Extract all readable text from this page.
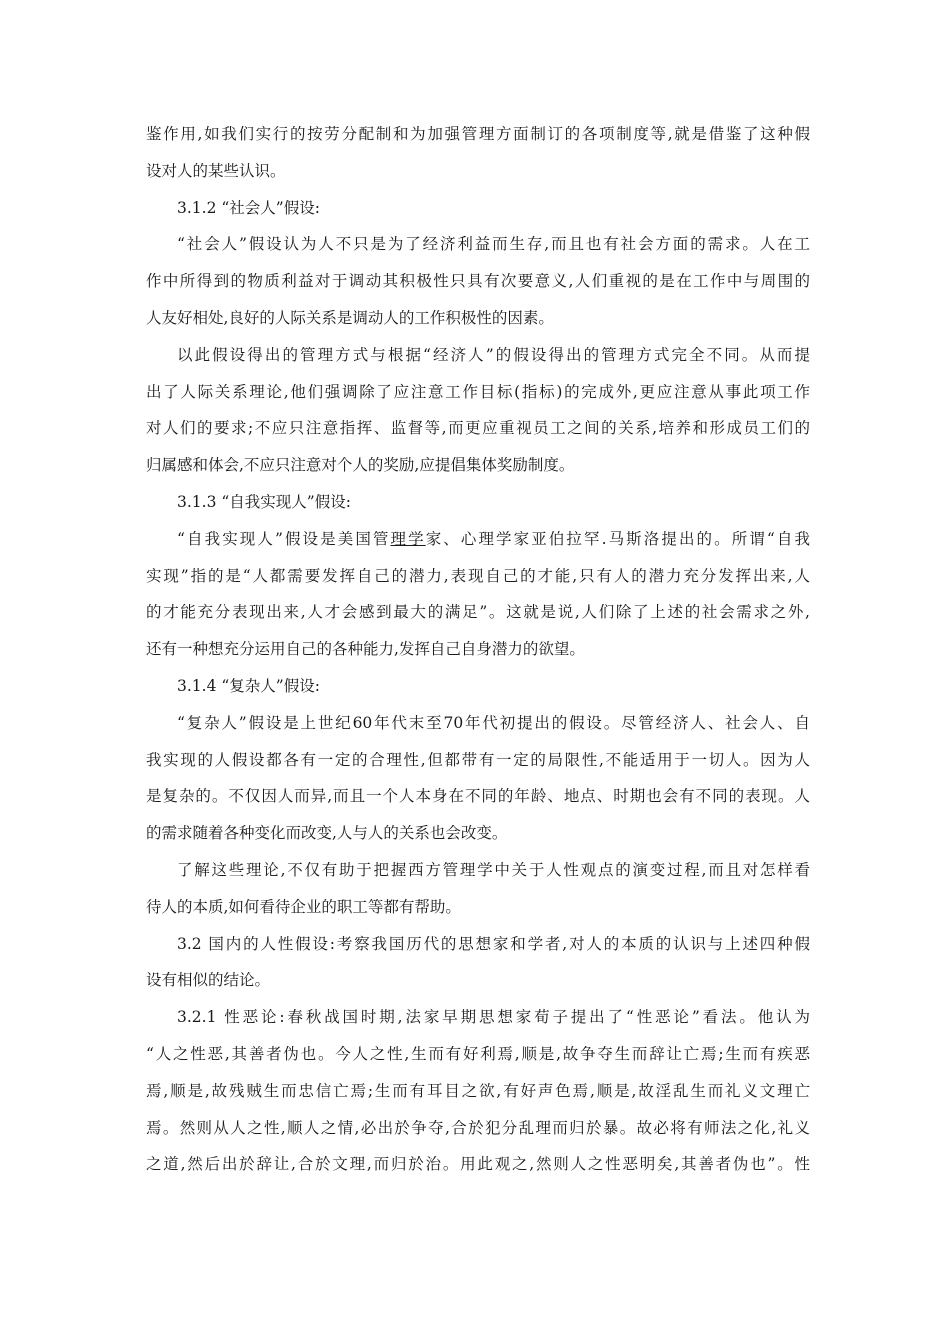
鉴作用,如我们实行的按劳分配制和为加强管理方面制订的各项制度等,就是借鉴了这种假
设对人的某些认识。
3.1.2 “社会人”假设:
“社会人”假设认为人不只是为了经济利益而生存,而且也有社会方面的需求。人在工
作中所得到的物质利益对于调动其积极性只具有次要意义,人们重视的是在工作中与周围的
人友好相处,良好的人际关系是调动人的工作积极性的因素。
以此假设得出的管理方式与根据“经济人”的假设得出的管理方式完全不同。从而提
出了人际关系理论,他们强调除了应注意工作目标(指标)的完成外,更应注意从事此项工作
对人们的要求;不应只注意指挥、监督等,而更应重视员工之间的关系,培养和形成员工们的
归属感和体会,不应只注意对个人的奖励,应提倡集体奖励制度。
3.1.3 “自我实现人”假设:
“自我实现人”假设是美国管理学家、心理学家亚伯拉罕.马斯洛提出的。所谓“自我
实现”指的是“人都需要发挥自己的潜力,表现自己的才能,只有人的潜力充分发挥出来,人
的才能充分表现出来,人才会感到最大的满足”。这就是说,人们除了上述的社会需求之外,
还有一种想充分运用自己的各种能力,发挥自己自身潜力的欲望。
3.1.4 “复杂人”假设:
“复杂人”假设是上世纪60年代末至70年代初提出的假设。尽管经济人、社会人、自
我实现的人假设都各有一定的合理性,但都带有一定的局限性,不能适用于一切人。因为人
是复杂的。不仅因人而异,而且一个人本身在不同的年龄、地点、时期也会有不同的表现。人
的需求随着各种变化而改变,人与人的关系也会改变。
了解这些理论,不仅有助于把握西方管理学中关于人性观点的演变过程,而且对怎样看
待人的本质,如何看待企业的职工等都有帮助。
3.2 国内的人性假设:考察我国历代的思想家和学者,对人的本质的认识与上述四种假
设有相似的结论。
3.2.1 性恶论:春秋战国时期,法家早期思想家荀子提出了“性恶论”看法。他认为
“人之性恶,其善者伪也。今人之性,生而有好利焉,顺是,故争夺生而辞让亡焉;生而有疾恶
焉,顺是,故残贼生而忠信亡焉;生而有耳目之欲,有好声色焉,顺是,故淫乱生而礼义文理亡
焉。然则从人之性,顺人之情,必出於争夺,合於犯分乱理而归於暴。故必将有师法之化,礼义
之道,然后出於辞让,合於文理,而归於治。用此观之,然则人之性恶明矣,其善者伪也”。性
